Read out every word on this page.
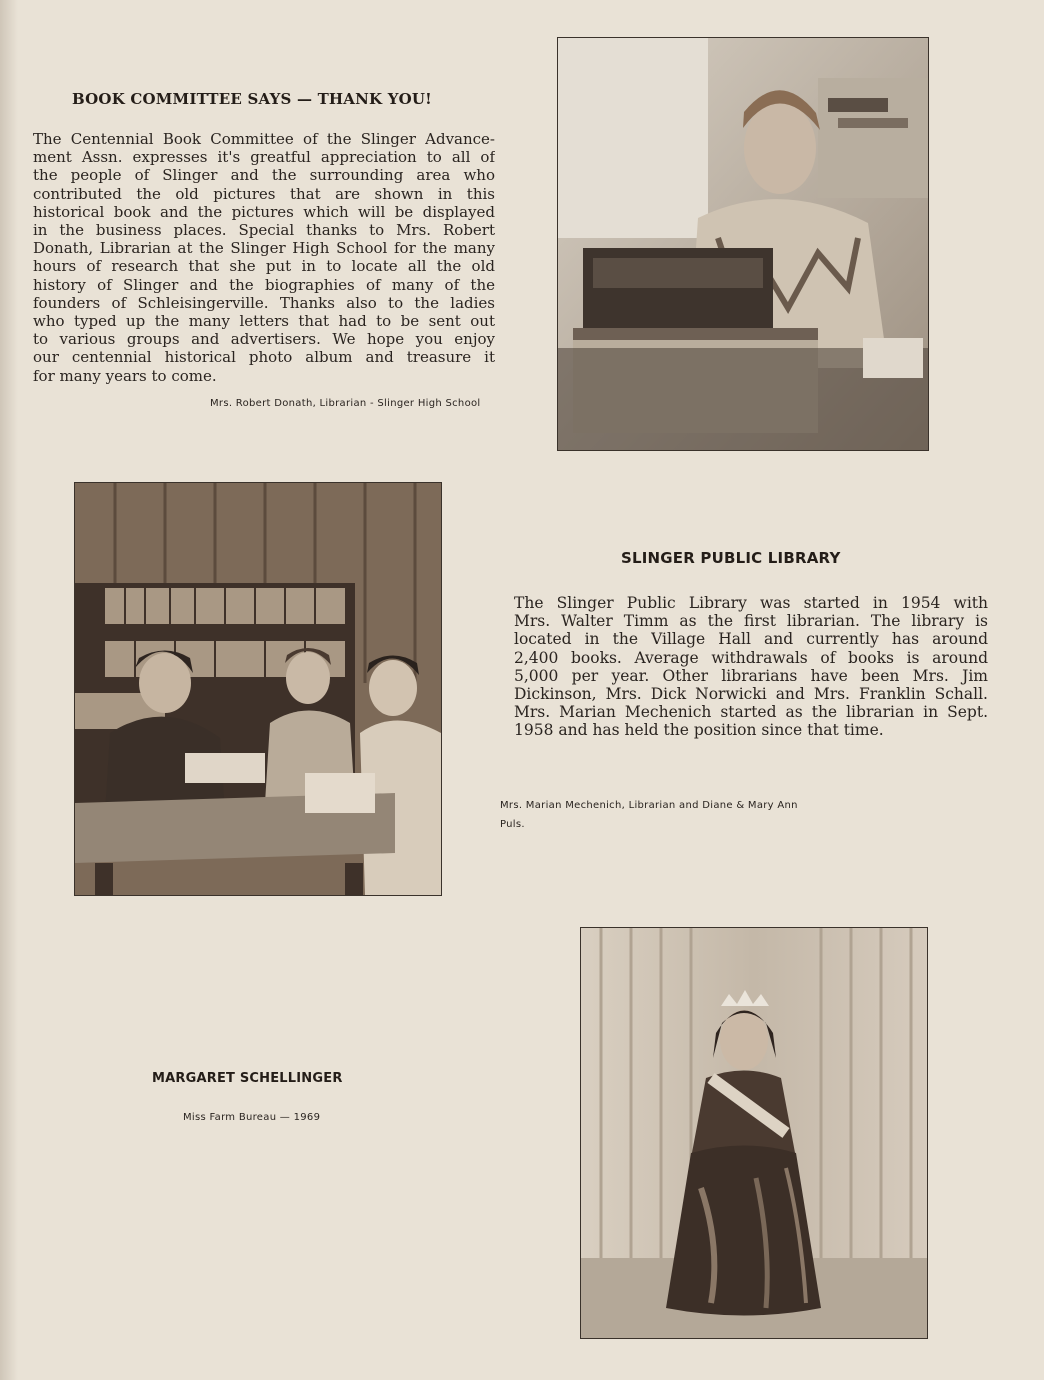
BOOK COMMITTEE SAYS — THANK YOU!
The Centennial Book Committee of the Slinger Advance-
ment Assn. expresses it's greatful appreciation to all of
the people of Slinger and the surrounding area who
contributed the old pictures that are shown in this
historical book and the pictures which will be displayed
in the business places. Special thanks to Mrs. Robert
Donath, Librarian at the Slinger High School for the many
hours of research that she put in to locate all the old
history of Slinger and the biographies of many of the
founders of Schleisingerville. Thanks also to the ladies
who typed up the many letters that had to be sent out
to various groups and advertisers. We hope you enjoy
our centennial historical photo album and treasure it
for many years to come.
Mrs. Robert Donath, Librarian - Slinger High School
SLINGER PUBLIC LIBRARY
The Slinger Public Library was started in 1954 with
Mrs. Walter Timm as the first librarian. The library is
located in the Village Hall and currently has around
2,400 books. Average withdrawals of books is around
5,000 per year. Other librarians have been Mrs. Jim
Dickinson, Mrs. Dick Norwicki and Mrs. Franklin Schall.
Mrs. Marian Mechenich started as the librarian in Sept.
1958 and has held the position since that time.
Mrs. Marian Mechenich, Librarian and Diane & Mary Ann
Puls.
MARGARET SCHELLINGER
Miss Farm Bureau — 1969
